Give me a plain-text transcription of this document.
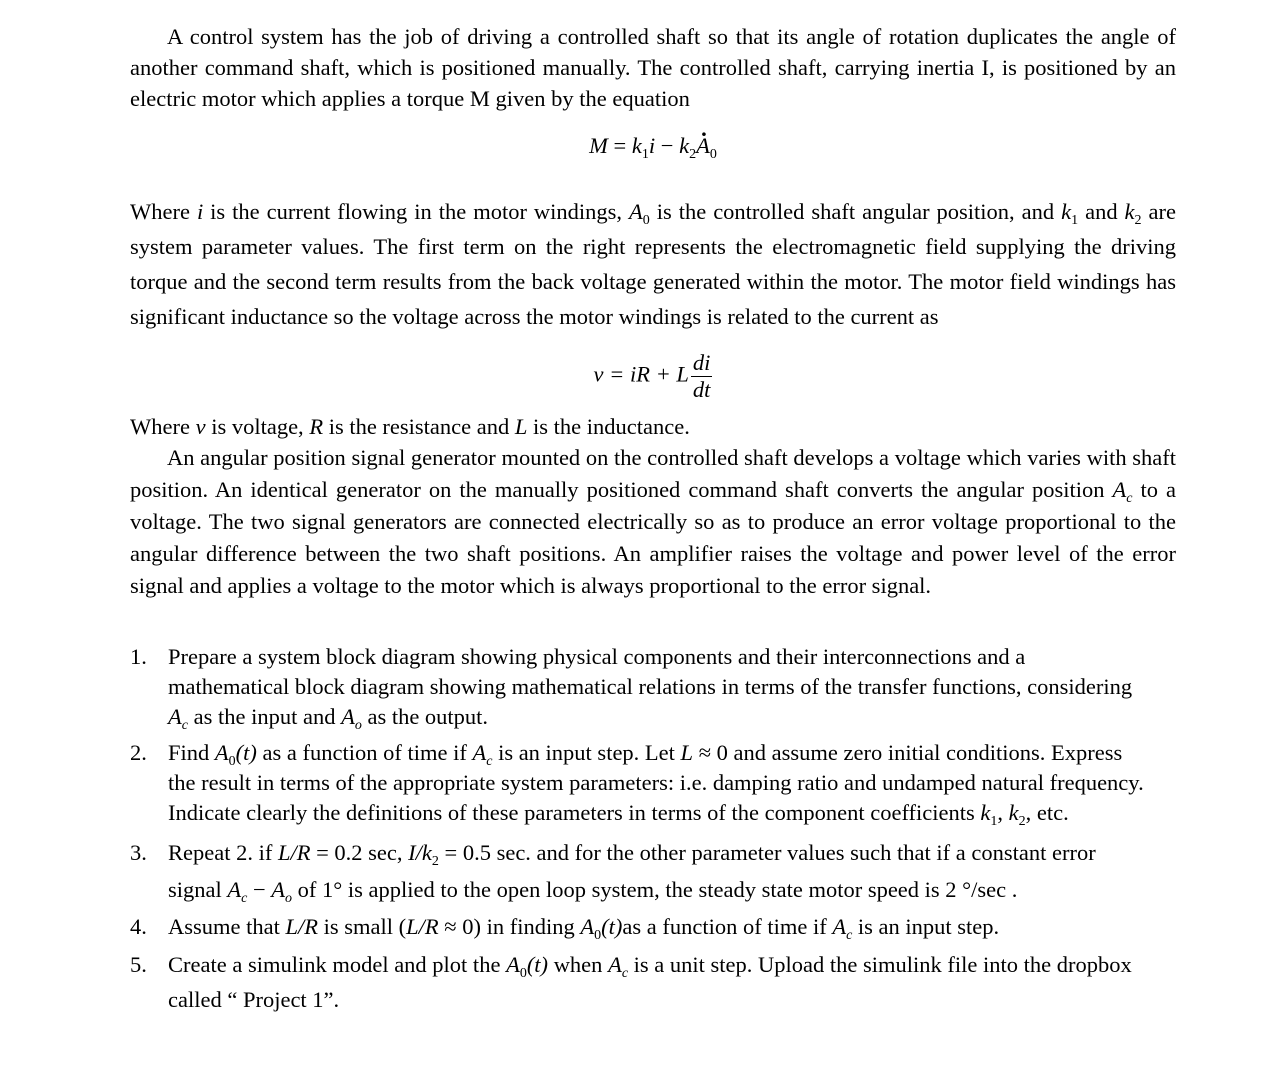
A control system has the job of driving a controlled shaft so that its angle of rotation duplicates the angle of another command shaft, which is positioned manually. The controlled shaft, carrying inertia I, is positioned by an electric motor which applies a torque M given by the equation

$M = k_1i - k_2$. $A_0$

Where i is the current flowing in the motor windings, $A_0$ is the controlled shaft angular position, and $k_1$ and $k_2$ are system parameter values. The first term on the right represents the electromagnetic field supplying the driving torque and the second term results from the back voltage generated within the motor. The motor field windings has significant inductance so the voltage across the motor windings is related to the current as

v = iR + L $\frac{di}{dt}$

Where v is voltage, R is the resistance and L is the inductance.

An angular position signal generator mounted on the controlled shaft develops a voltage which varies with shaft position. An identical generator on the manually positioned command shaft converts the angular position $A_c$ to a voltage. The two signal generators are connected electrically so as to produce an error voltage proportional to the angular difference between the two shaft positions. An amplifier raises the voltage and power level of the error signal and applies a voltage to the motor which is always proportional to the error signal.

1. Prepare a system block diagram showing physical components and their interconnections and a mathematical block diagram showing mathematical relations in terms of the transfer functions, considering $A_c$ as the input and $A_o$ as the output.
2. Find $A_0(t)$ as a function of time if $A_c$ is an input step. Let L ≈ 0 and assume zero initial conditions. Express the result in terms of the appropriate system parameters: i.e. damping ratio and undamped natural frequency. Indicate clearly the definitions of these parameters in terms of the component coefficients $k_1$, $k_2$, etc.
3. Repeat 2. if L/R = 0.2 sec, $I/k_2 = 0.5$ sec. and for the other parameter values such that if a constant error signal $A_c - A_o$ of 1° is applied to the open loop system, the steady state motor speed is 2 °/sec .
4. Assume that L/R is small (L/R ≈ 0) in finding $A_0(t)as$ a function of time if $A_c$ is an input step.
5. Create a simulink model and plot the $A_0(t)$ when $A_c$ is a unit step. Upload the simulink file into the dropbox called “ Project 1”.
